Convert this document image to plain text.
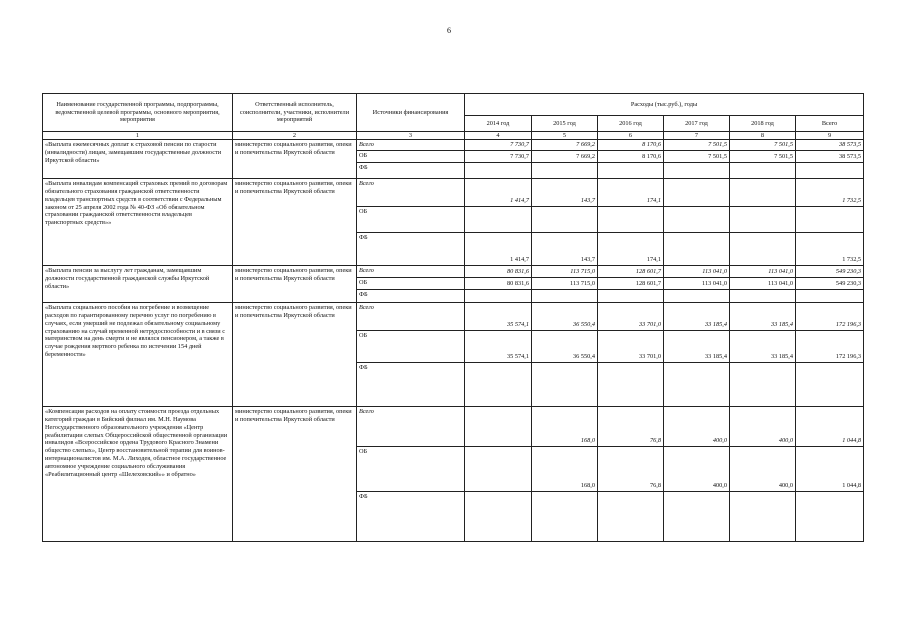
6
Наименование государственной программы, подпрограммы, ведомственной целевой программы, основного мероприятия, мероприятия	Ответственный исполнитель, соисполнители, участники, исполнители мероприятий	Источники финансирования	Расходы (тыс.руб.), годы					
			2014 год	2015 год	2016 год	2017 год	2018 год	Всего
1	2	3	4	5	6	7	8	9
«Выплата ежемесячных доплат к страховой пенсии по старости (инвалидности) лицам, замещавшим государственные должности Иркутской области»	министерство социального развития, опеки и попечительства Иркутской области	Всего	7 730,7	7 669,2	8 170,6	7 501,5	7 501,5	38 573,5
		ОБ	7 730,7	7 669,2	8 170,6	7 501,5	7 501,5	38 573,5
		ФБ						
«Выплата инвалидам компенсаций страховых премий по договорам обязательного страхования гражданской ответственности владельцев транспортных средств в соответствии с Федеральным законом от 25 апреля 2002 года № 40-ФЗ «Об обязательном страховании гражданской ответственности владельцев транспортных средств»»	министерство социального развития, опеки и попечительства Иркутской области	Всего	1 414,7	143,7	174,1			1 732,5
		ОБ						
		ФБ	1 414,7	143,7	174,1			1 732,5
«Выплата пенсии за выслугу лет гражданам, замещавшим должности государственной гражданской службы Иркутской области»	министерство социального развития, опеки и попечительства Иркутской области	Всего	80 831,6	113 715,0	128 601,7	113 041,0	113 041,0	549 230,3
		ОБ	80 831,6	113 715,0	128 601,7	113 041,0	113 041,0	549 230,3
		ФБ						
«Выплата социального пособия на погребение и возмещение расходов по гарантированному перечню услуг по погребению в случаях, если умерший не подлежал обязательному социальному страхованию на случай временной нетрудоспособности и в связи с материнством на день смерти и не являлся пенсионером, а также в случае рождения мертвого ребенка по истечении 154 дней беременности»	министерство социального развития, опеки и попечительства Иркутской области	Всего	35 574,1	36 550,4	33 701,0	33 185,4	33 185,4	172 196,3
		ОБ	35 574,1	36 550,4	33 701,0	33 185,4	33 185,4	172 196,3
		ФБ						
«Компенсация расходов на оплату стоимости проезда отдельных категорий граждан в Бийский филиал им. М.Н. Наумова Негосударственного образовательного учреждения «Центр реабилитации слепых Общероссийской общественной организации инвалидов «Всероссийское ордена Трудового Красного Знамени общество слепых», Центр восстановительной терапии для воинов-интернационалистов им. М.А. Лиходея, областное государственное автономное учреждение социального обслуживания «Реабилитационный центр «Шелеховский»» и обратно»	министерство социального развития, опеки и попечительства Иркутской области	Всего		168,0	76,8	400,0	400,0	1 044,8
		ОБ		168,0	76,8	400,0	400,0	1 044,8
		ФБ						
